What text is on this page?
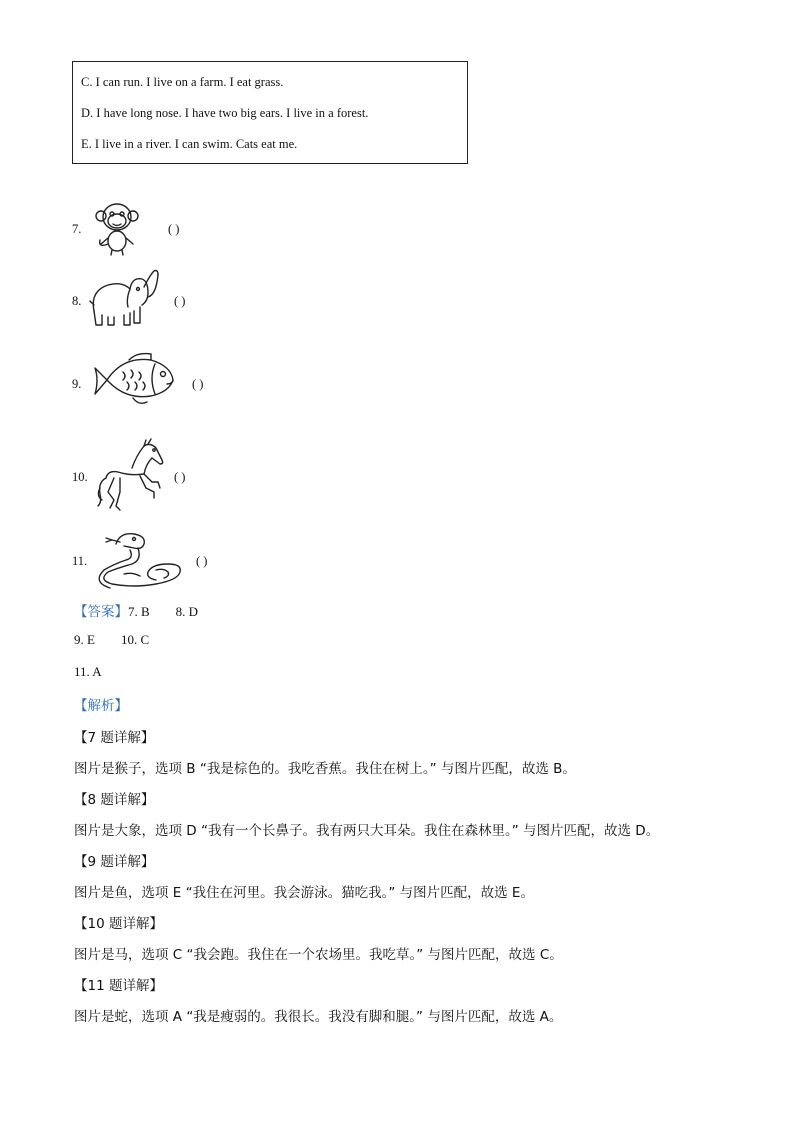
C. I can run. I live on a farm. I eat grass.
D. I have long nose. I have two big ears. I live in a forest.
E. I live in a river. I can swim. Cats eat me.
7.	( )
8.	( )
9.	( )
10.	( )
11.	( )
【答案】7. B        8. D
9. E        10. C
11. A
【解析】
【7 题详解】
图片是猴子，选项 B “我是棕色的。我吃香蕉。我住在树上。” 与图片匹配，故选 B。
【8 题详解】
图片是大象，选项 D “我有一个长鼻子。我有两只大耳朵。我住在森林里。” 与图片匹配，故选 D。
【9 题详解】
图片是鱼，选项 E “我住在河里。我会游泳。猫吃我。” 与图片匹配，故选 E。
【10 题详解】
图片是马，选项 C “我会跑。我住在一个农场里。我吃草。” 与图片匹配，故选 C。
【11 题详解】
图片是蛇，选项 A “我是瘦弱的。我很长。我没有脚和腿。” 与图片匹配，故选 A。
